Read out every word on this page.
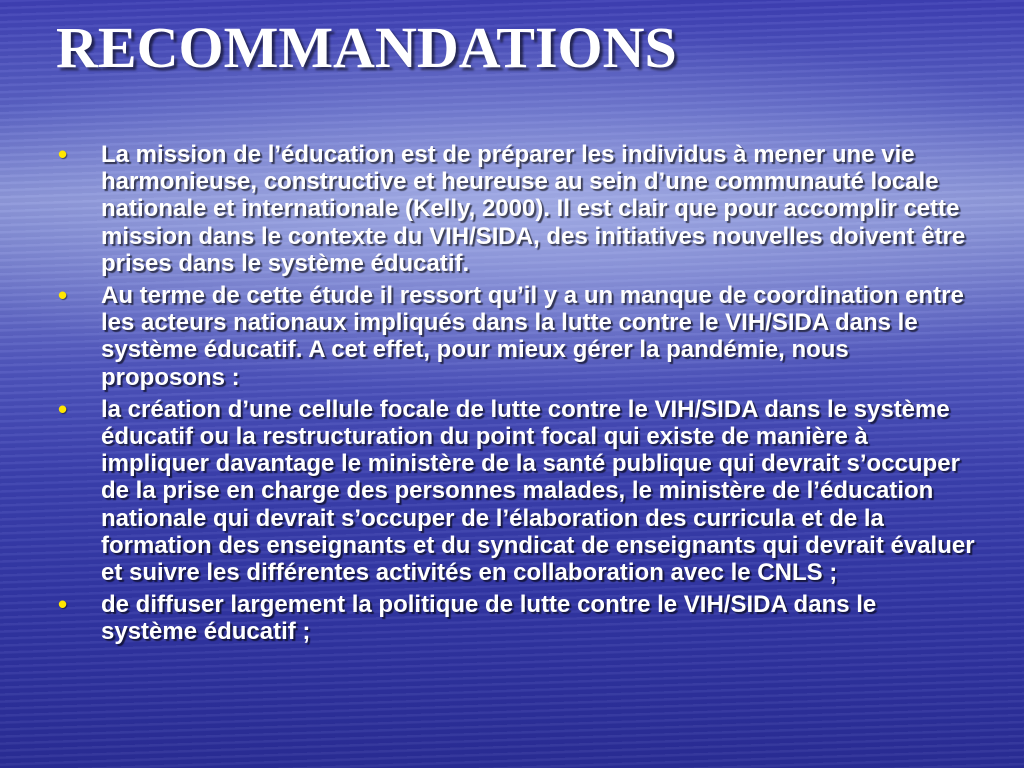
RECOMMANDATIONS
• La mission de l’éducation est de préparer les individus à mener une vie harmonieuse, constructive et heureuse au sein d’une communauté locale nationale et internationale (Kelly, 2000). Il est clair que pour accomplir cette mission dans le contexte du VIH/SIDA, des initiatives nouvelles doivent être prises dans le système éducatif.
• Au terme de cette étude il ressort qu’il y a un manque de coordination entre les acteurs nationaux impliqués dans la lutte contre le VIH/SIDA dans le système éducatif. A cet effet, pour mieux gérer la pandémie, nous proposons :
• la création d’une cellule focale de lutte contre le VIH/SIDA dans le système éducatif ou la restructuration du point focal qui existe de manière à impliquer davantage le ministère de la santé publique qui devrait s’occuper de la prise en charge des personnes malades, le ministère de l’éducation nationale qui devrait s’occuper de l’élaboration des curricula et de la formation des enseignants et du syndicat de enseignants qui devrait évaluer et suivre les différentes activités en collaboration avec le CNLS ;
• de diffuser largement la politique de lutte contre le VIH/SIDA dans le système éducatif ;
